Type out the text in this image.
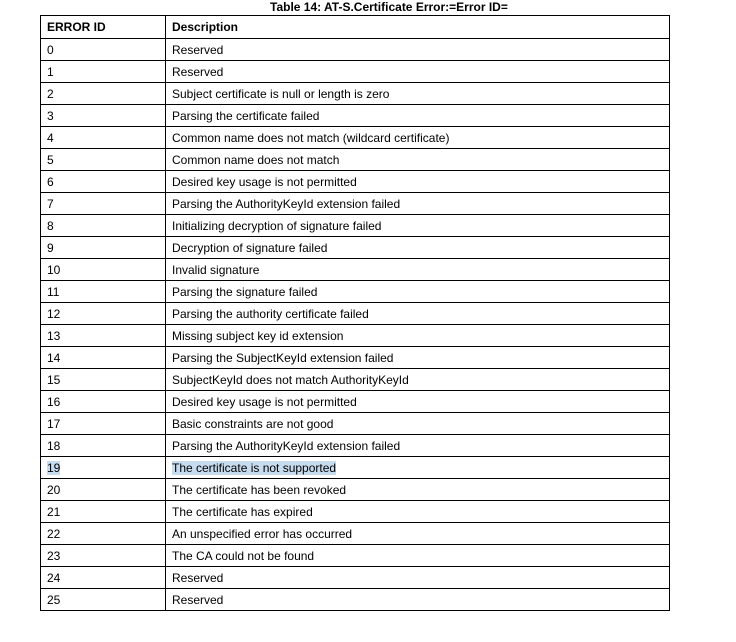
Table 14: AT-S.Certificate Error:=Error ID=
ERROR ID	Description
0	Reserved
1	Reserved
2	Subject certificate is null or length is zero
3	Parsing the certificate failed
4	Common name does not match (wildcard certificate)
5	Common name does not match
6	Desired key usage is not permitted
7	Parsing the AuthorityKeyId extension failed
8	Initializing decryption of signature failed
9	Decryption of signature failed
10	Invalid signature
11	Parsing the signature failed
12	Parsing the authority certificate failed
13	Missing subject key id extension
14	Parsing the SubjectKeyId extension failed
15	SubjectKeyId does not match AuthorityKeyId
16	Desired key usage is not permitted
17	Basic constraints are not good
18	Parsing the AuthorityKeyId extension failed
19	The certificate is not supported
20	The certificate has been revoked
21	The certificate has expired
22	An unspecified error has occurred
23	The CA could not be found
24	Reserved
25	Reserved
